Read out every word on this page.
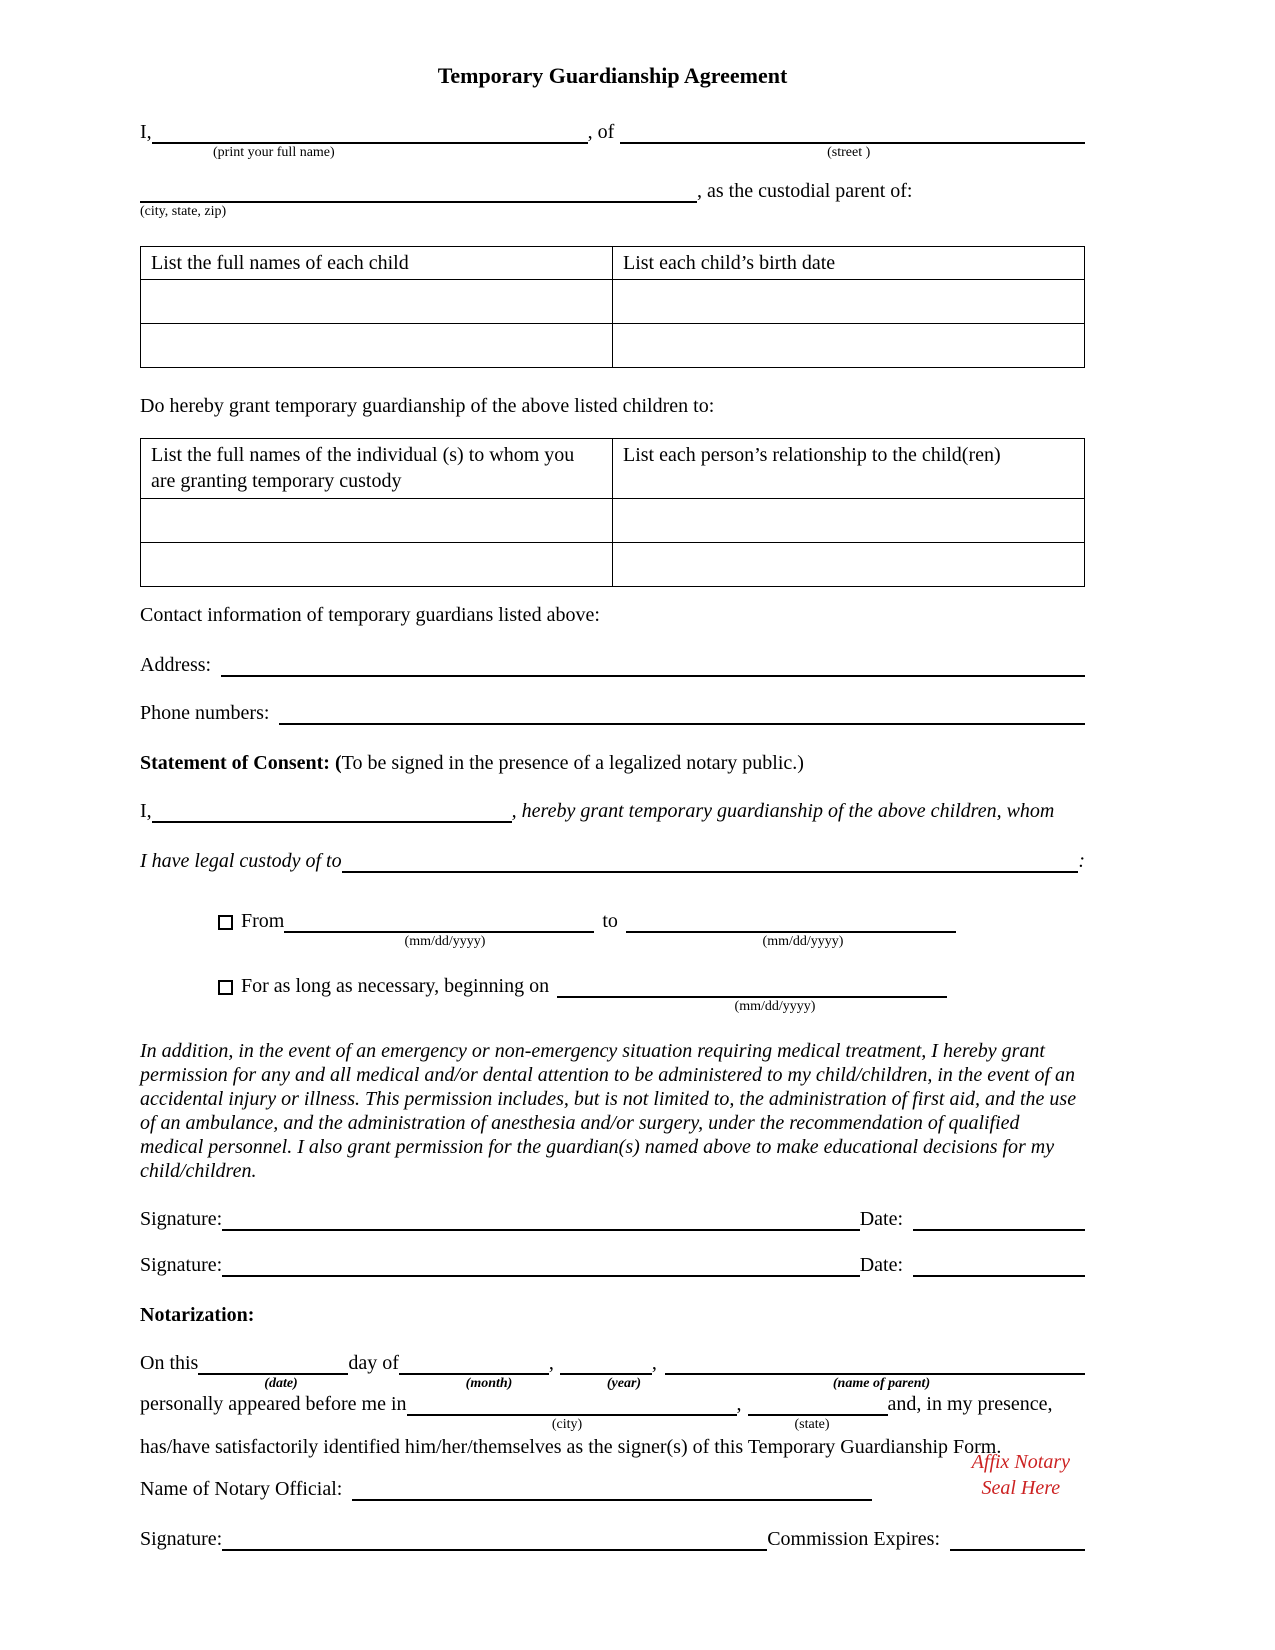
Temporary Guardianship Agreement
I,	, of
(print your full name)	(street )
, as the custodial parent of:
(city, state, zip)
List the full names of each child	List each child’s birth date

Do hereby grant temporary guardianship of the above listed children to:

List the full names of the individual (s) to whom you are granting temporary custody	List each person’s relationship to the child(ren)

Contact information of temporary guardians listed above:

Address:
Phone numbers:

Statement of Consent: (To be signed in the presence of a legalized notary public.)

I,	, hereby grant temporary guardianship of the above children, whom
I have legal custody of to	:
From	to
(mm/dd/yyyy)	(mm/dd/yyyy)
For as long as necessary, beginning on
(mm/dd/yyyy)

In addition, in the event of an emergency or non-emergency situation requiring medical treatment, I hereby grant permission for any and all medical and/or dental attention to be administered to my child/children, in the event of an accidental injury or illness. This permission includes, but is not limited to, the administration of first aid, and the use of an ambulance, and the administration of anesthesia and/or surgery, under the recommendation of qualified medical personnel. I also grant permission for the guardian(s) named above to make educational decisions for my child/children.

Signature:	Date:
Signature:	Date:

Notarization:

On this	day of	,	,
(date)	(month)	(year)	(name of parent)
personally appeared before me in	,	and, in my presence,
(city)	(state)

has/have satisfactorily identified him/her/themselves as the signer(s) of this Temporary Guardianship Form.

Affix Notary
Seal Here
Name of Notary Official:
Signature:	Commission Expires:
